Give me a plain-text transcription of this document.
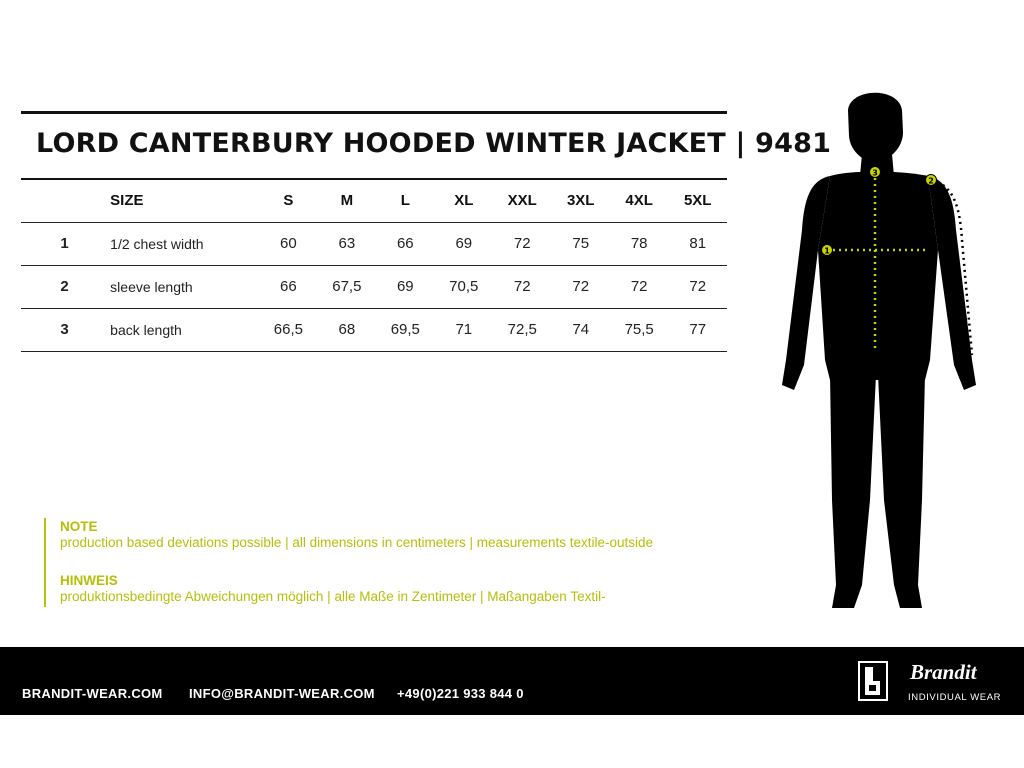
LORD CANTERBURY HOODED WINTER JACKET | 9481
	SIZE	S	M	L	XL	XXL	3XL	4XL	5XL
1	1/2 chest width	60	63	66	69	72	75	78	81
2	sleeve length	66	67,5	69	70,5	72	72	72	72
3	back length	66,5	68	69,5	71	72,5	74	75,5	77
NOTE
production based deviations possible | all dimensions in centimeters | measurements textile-outside
HINWEIS
produktionsbedingte Abweichungen möglich | alle Maße in Zentimeter | Maßangaben Textil-
1
2
3
BRANDIT-WEAR.COM INFO@BRANDIT-WEAR.COM +49(0)221 933 844 0
Brandit
INDIVIDUAL WEAR
